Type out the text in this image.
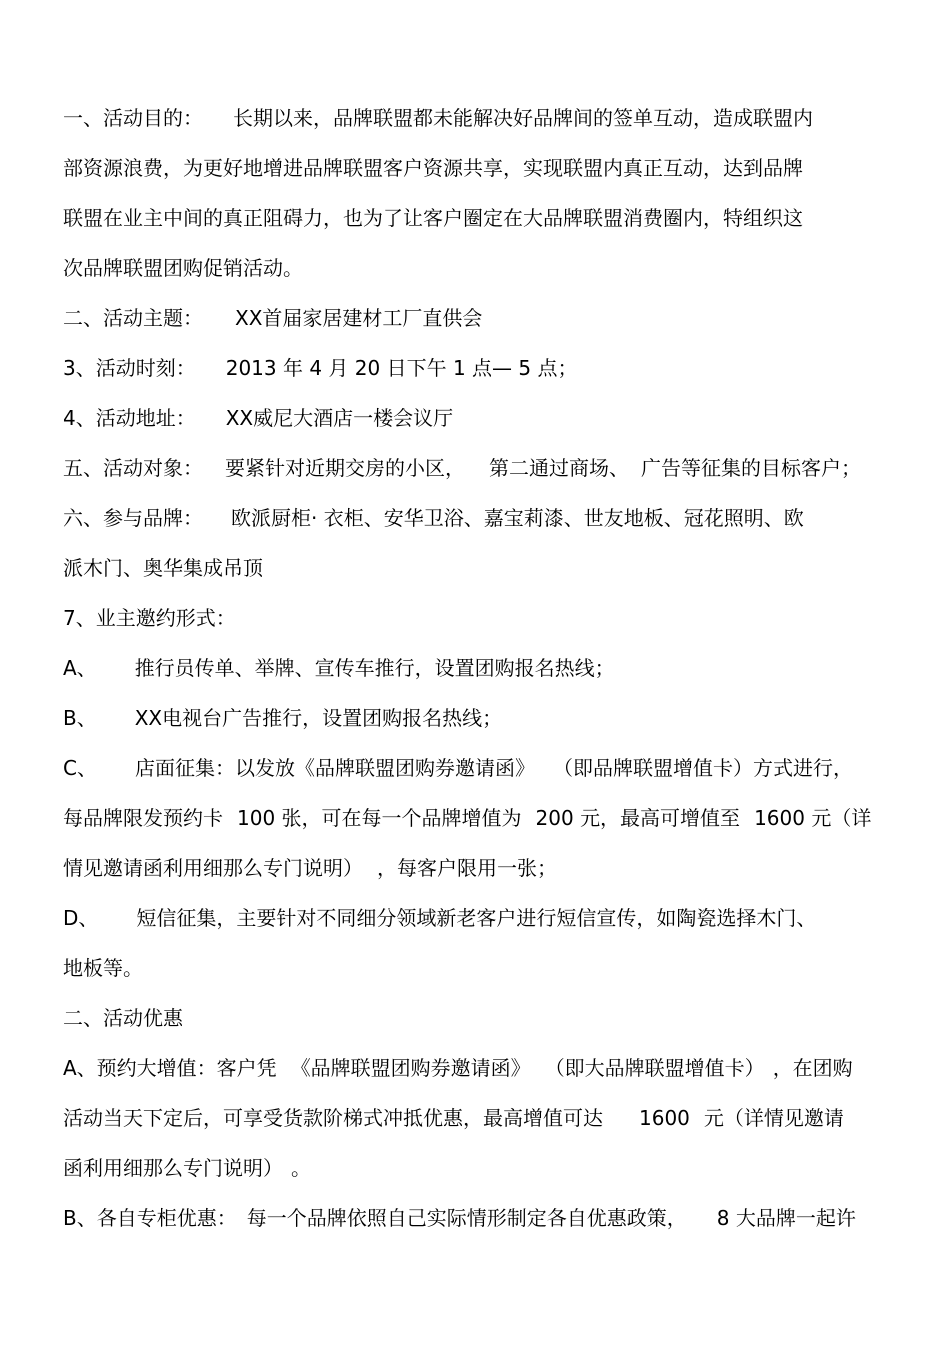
一、活动目的： 长期以来，品牌联盟都未能解决好品牌间的签单互动，造成联盟内
部资源浪费，为更好地增进品牌联盟客户资源共享，实现联盟内真正互动，达到品牌
联盟在业主中间的真正阻碍力，也为了让客户圈定在大品牌联盟消费圈内，特组织这
次品牌联盟团购促销活动。
二、活动主题： XX首届家居建材工厂直供会
3、活动时刻： 2013 年 4 月 20 日下午 1 点— 5 点；
4、活动地址： XX威尼大酒店一楼会议厅
五、活动对象： 要紧针对近期交房的小区， 第二通过商场、 广告等征集的目标客户；
六、参与品牌： 欧派厨柜· 衣柜、安华卫浴、嘉宝莉漆、世友地板、冠花照明、欧
派木门、奥华集成吊顶
7、业主邀约形式：
A、 推行员传单、举牌、宣传车推行，设置团购报名热线；
B、 XX电视台广告推行，设置团购报名热线；
C、 店面征集：以发放《品牌联盟团购券邀请函》 （即品牌联盟增值卡）方式进行，
每品牌限发预约卡 100 张，可在每一个品牌增值为 200 元，最高可增值至 1600 元（详
情见邀请函利用细那么专门说明） ，每客户限用一张；
D、 短信征集，主要针对不同细分领域新老客户进行短信宣传，如陶瓷选择木门、
地板等。
二、活动优惠
A、预约大增值：客户凭 《品牌联盟团购券邀请函》 （即大品牌联盟增值卡） ，在团购
活动当天下定后，可享受货款阶梯式冲抵优惠，最高增值可达 1600 元（详情见邀请
函利用细那么专门说明） 。
B、各自专柜优惠： 每一个品牌依照自己实际情形制定各自优惠政策， 8 大品牌一起许
